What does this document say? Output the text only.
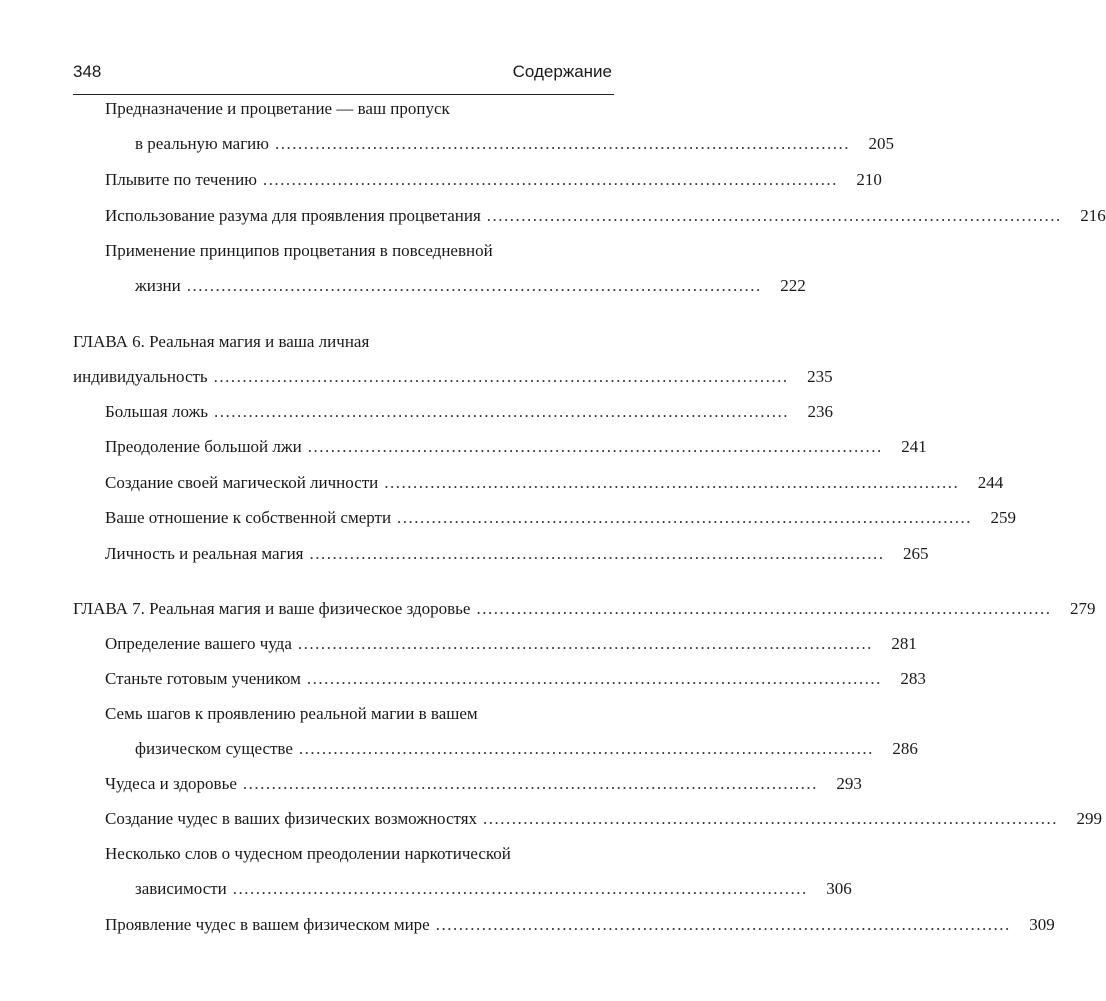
348	Содержание
Предназначение и процветание — ваш пропуск
в реальную магию ....................................................................................................	205
Плывите по течению ....................................................................................................	210
Использование разума для проявления процветания ....................................................................................................	216
Применение принципов процветания в повседневной
жизни ....................................................................................................	222
ГЛАВА 6. Реальная магия и ваша личная
индивидуальность ....................................................................................................	235
Большая ложь ....................................................................................................	236
Преодоление большой лжи ....................................................................................................	241
Создание своей магической личности ....................................................................................................	244
Ваше отношение к собственной смерти ....................................................................................................	259
Личность и реальная магия ....................................................................................................	265
ГЛАВА 7. Реальная магия и ваше физическое здоровье ....................................................................................................	279
Определение вашего чуда ....................................................................................................	281
Станьте готовым учеником ....................................................................................................	283
Семь шагов к проявлению реальной магии в вашем
физическом существе ....................................................................................................	286
Чудеса и здоровье ....................................................................................................	293
Создание чудес в ваших физических возможностях ....................................................................................................	299
Несколько слов о чудесном преодолении наркотической
зависимости ....................................................................................................	306
Проявление чудес в вашем физическом мире ....................................................................................................	309
